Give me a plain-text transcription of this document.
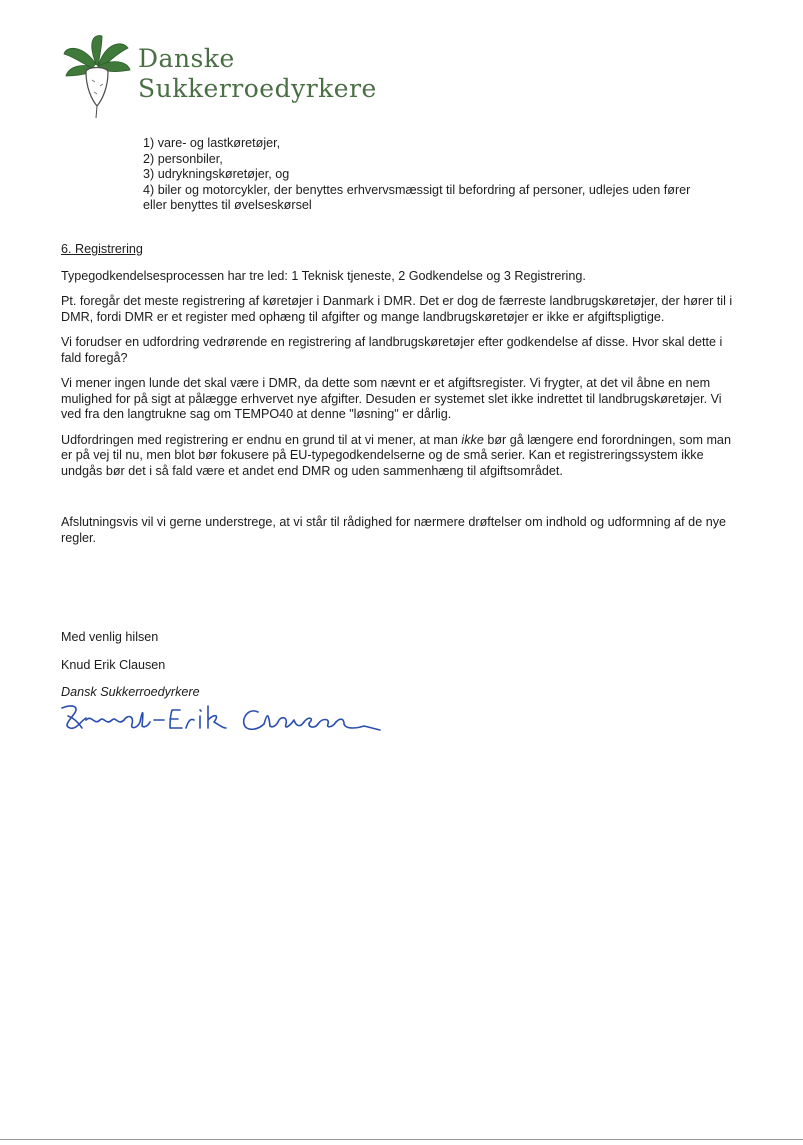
Danske
Sukkerroedyrkere
1) vare- og lastkøretøjer,
2) personbiler,
3) udrykningskøretøjer, og
4) biler og motorcykler, der benyttes erhvervsmæssigt til befordring af personer, udlejes uden fører
eller benyttes til øvelseskørsel
6. Registrering

Typegodkendelsesprocessen har tre led: 1 Teknisk tjeneste, 2 Godkendelse og 3 Registrering.

Pt. foregår det meste registrering af køretøjer i Danmark i DMR. Det er dog de færreste landbrugskøretøjer, der hører til i DMR, fordi DMR er et register med ophæng til afgifter og mange landbrugskøretøjer er ikke er afgiftspligtige.

Vi forudser en udfordring vedrørende en registrering af landbrugskøretøjer efter godkendelse af disse. Hvor skal dette i fald foregå?

Vi mener ingen lunde det skal være i DMR, da dette som nævnt er et afgiftsregister. Vi frygter, at det vil åbne en nem mulighed for på sigt at pålægge erhvervet nye afgifter. Desuden er systemet slet ikke indrettet til landbrugskøretøjer. Vi ved fra den langtrukne sag om TEMPO40 at denne "løsning" er dårlig.

Udfordringen med registrering er endnu en grund til at vi mener, at man ikke bør gå længere end forordningen, som man er på vej til nu, men blot bør fokusere på EU-typegodkendelserne og de små serier. Kan et registreringssystem ikke undgås bør det i så fald være et andet end DMR og uden sammenhæng til afgiftsområdet.

Afslutningsvis vil vi gerne understrege, at vi står til rådighed for nærmere drøftelser om indhold og udformning af de nye regler.

Med venlig hilsen
Knud Erik Clausen
Dansk Sukkerroedyrkere
